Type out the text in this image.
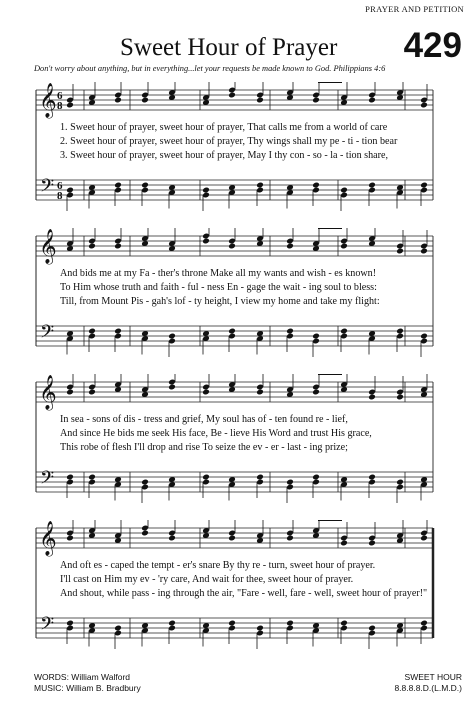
PRAYER AND PETITION
Sweet Hour of Prayer 429
Don't worry about anything, but in everything...let your requests be made known to God. Philippians 4:6
𝄞
𝄢
6
8
6
8
1. Sweet hour of prayer, sweet hour of prayer, That calls me from a world of care
2. Sweet hour of prayer, sweet hour of prayer, Thy wings shall my pe - ti - tion bear
3. Sweet hour of prayer, sweet hour of prayer, May I thy con - so - la - tion share,
𝄞
𝄢
And bids me at my Fa - ther's throne Make all my wants and wish - es known!
To Him whose truth and faith - ful - ness En - gage the wait - ing soul to bless:
Till, from Mount Pis - gah's lof - ty height, I view my home and take my flight:
𝄞
𝄢
In sea - sons of dis - tress and grief, My soul has of - ten found re - lief,
And since He bids me seek His face, Be - lieve His Word and trust His grace,
This robe of flesh I'll drop and rise To seize the ev - er - last - ing prize;
𝄞
𝄢
And oft es - caped the tempt - er's snare By thy re - turn, sweet hour of prayer.
I'll cast on Him my ev - 'ry care, And wait for thee, sweet hour of prayer.
And shout, while pass - ing through the air, "Fare - well, fare - well, sweet hour of prayer!"
WORDS: William Walford
MUSIC: William B. Bradbury
SWEET HOUR
8.8.8.8.D.(L.M.D.)
